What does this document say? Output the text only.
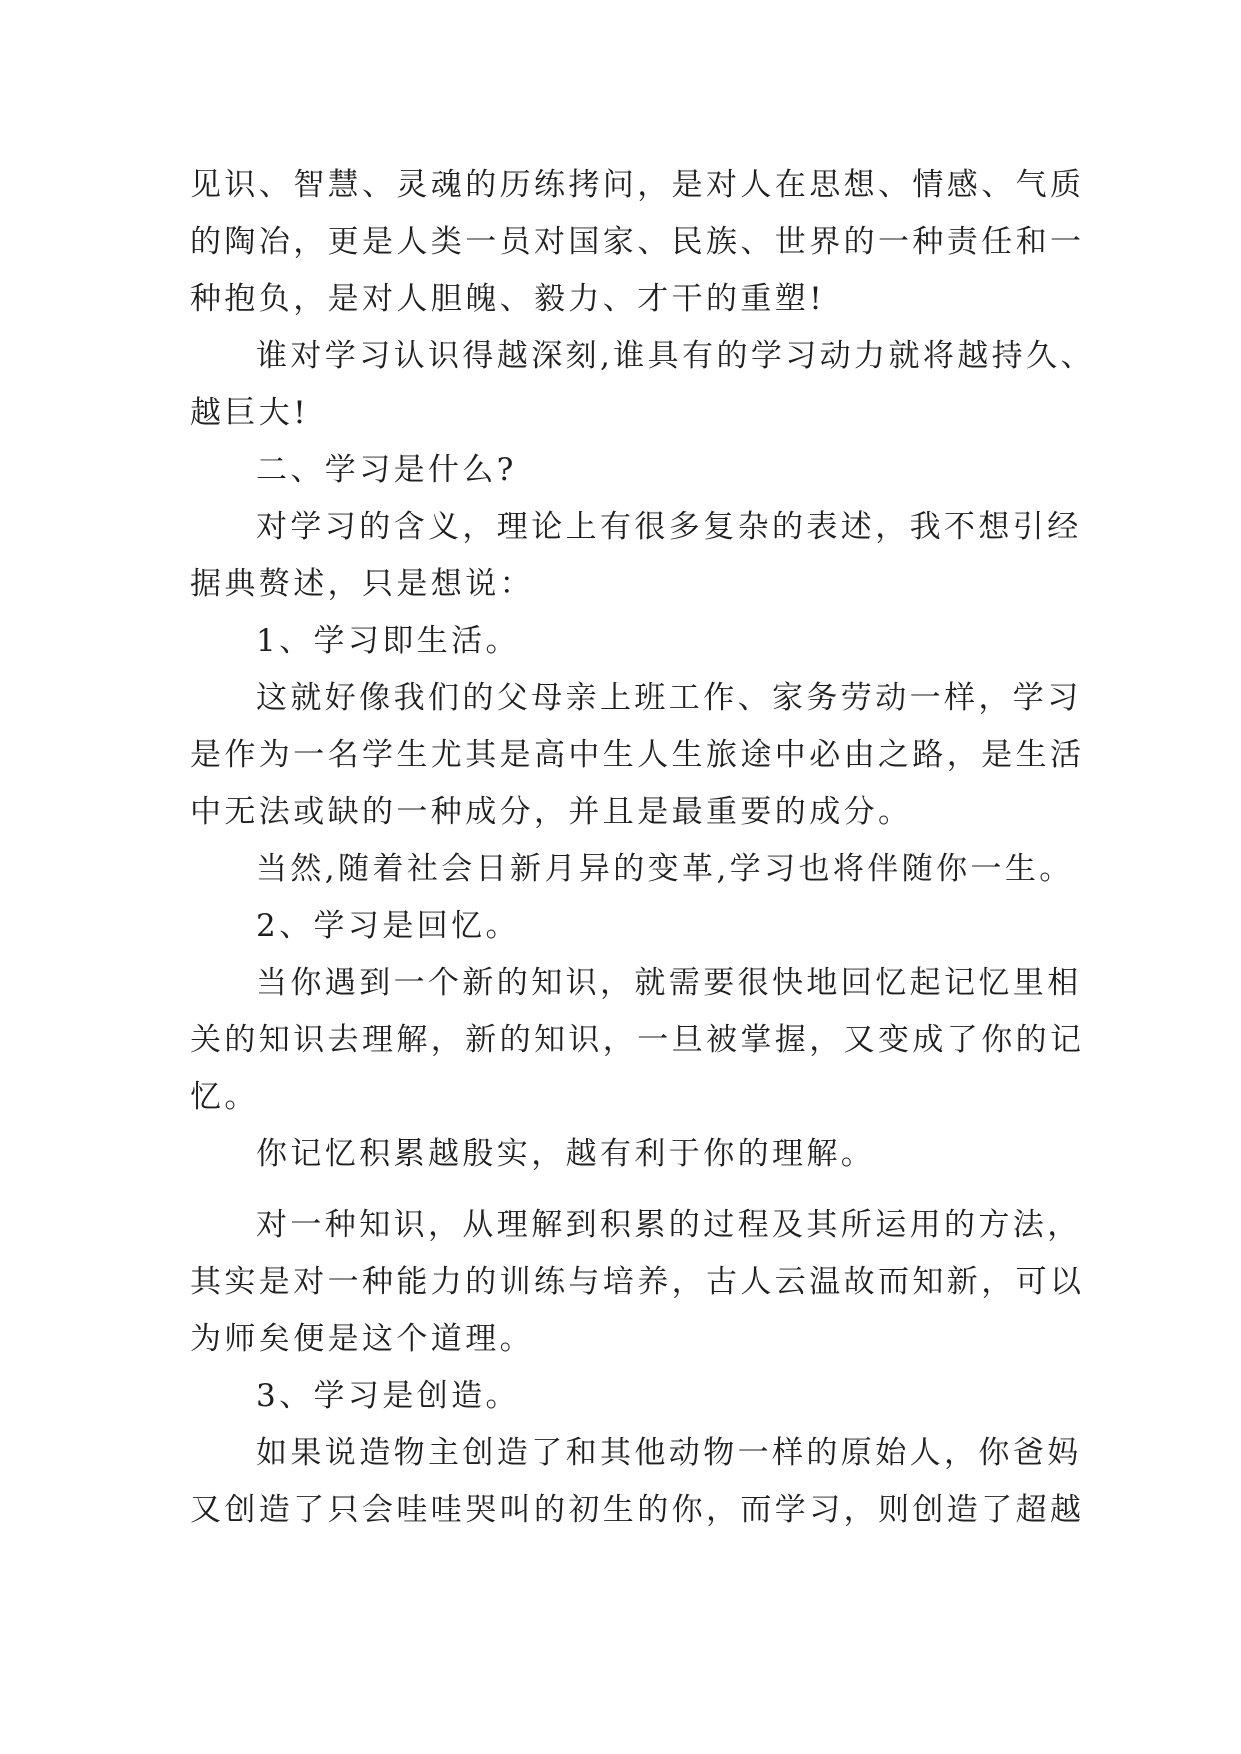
见识、智慧、灵魂的历练拷问，是对人在思想、情感、气质
的陶冶，更是人类一员对国家、民族、世界的一种责任和一
种抱负，是对人胆魄、毅力、才干的重塑!
谁对学习认识得越深刻,谁具有的学习动力就将越持久、
越巨大!
二、学习是什么?
对学习的含义，理论上有很多复杂的表述，我不想引经
据典赘述，只是想说：
1、学习即生活。
这就好像我们的父母亲上班工作、家务劳动一样，学习
是作为一名学生尤其是高中生人生旅途中必由之路，是生活
中无法或缺的一种成分，并且是最重要的成分。
当然,随着社会日新月异的变革,学习也将伴随你一生。
2、学习是回忆。
当你遇到一个新的知识，就需要很快地回忆起记忆里相
关的知识去理解，新的知识，一旦被掌握，又变成了你的记
忆。
你记忆积累越殷实，越有利于你的理解。
对一种知识，从理解到积累的过程及其所运用的方法，
其实是对一种能力的训练与培养，古人云温故而知新，可以
为师矣便是这个道理。
3、学习是创造。
如果说造物主创造了和其他动物一样的原始人，你爸妈
又创造了只会哇哇哭叫的初生的你，而学习，则创造了超越
